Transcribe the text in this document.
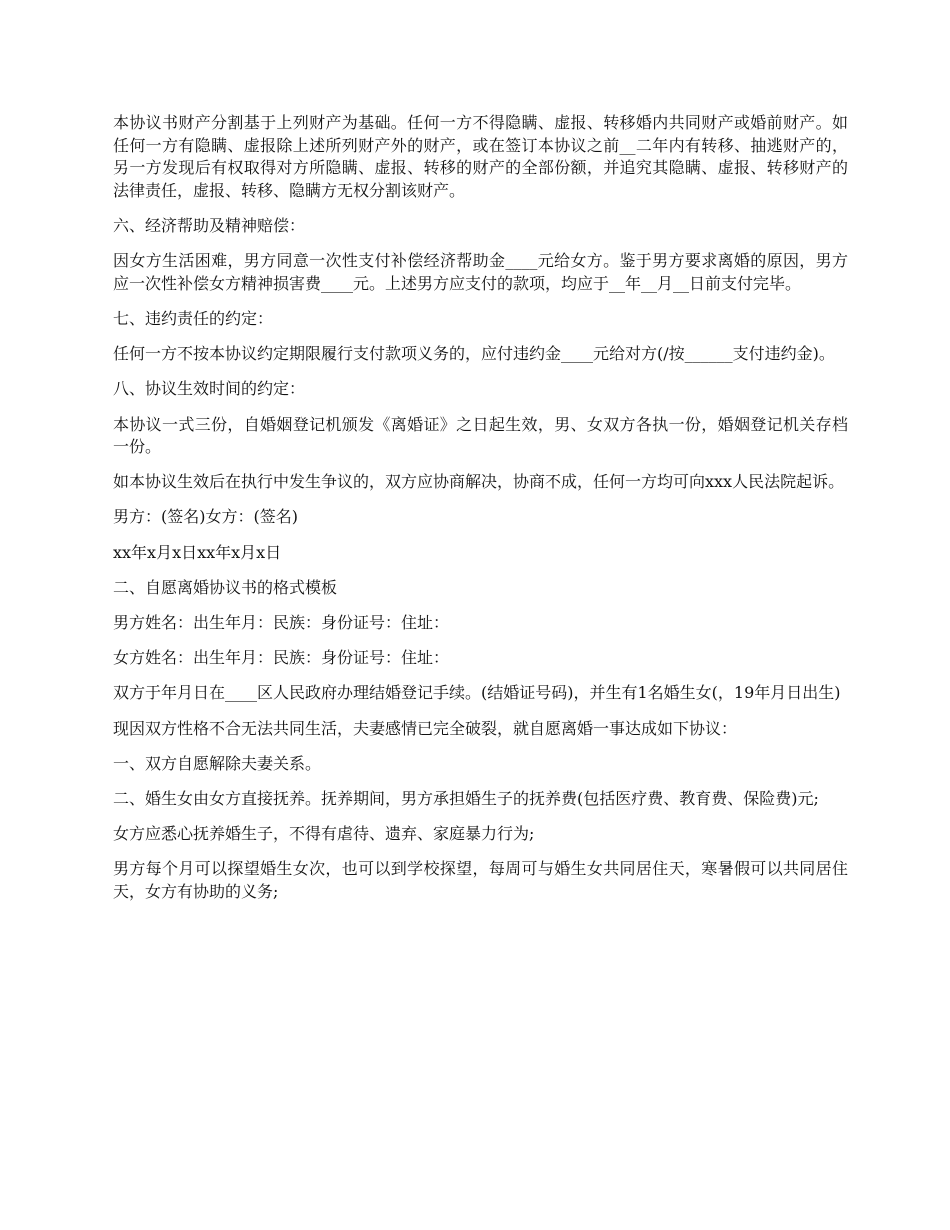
本协议书财产分割基于上列财产为基础。任何一方不得隐瞒、虚报、转移婚内共同财产或婚前财产。如任何一方有隐瞒、虚报除上述所列财产外的财产，或在签订本协议之前__二年内有转移、抽逃财产的，另一方发现后有权取得对方所隐瞒、虚报、转移的财产的全部份额，并追究其隐瞒、虚报、转移财产的法律责任，虚报、转移、隐瞒方无权分割该财产。

六、经济帮助及精神赔偿：

因女方生活困难，男方同意一次性支付补偿经济帮助金____元给女方。鉴于男方要求离婚的原因，男方应一次性补偿女方精神损害费____元。上述男方应支付的款项，均应于__年__月__日前支付完毕。

七、违约责任的约定：

任何一方不按本协议约定期限履行支付款项义务的，应付违约金____元给对方(/按______支付违约金)。

八、协议生效时间的约定：

本协议一式三份，自婚姻登记机颁发《离婚证》之日起生效，男、女双方各执一份，婚姻登记机关存档一份。

如本协议生效后在执行中发生争议的，双方应协商解决，协商不成，任何一方均可向xxx人民法院起诉。

男方：(签名)女方：(签名)

xx年x月x日xx年x月x日

二、自愿离婚协议书的格式模板

男方姓名：出生年月：民族：身份证号：住址：

女方姓名：出生年月：民族：身份证号：住址：

双方于年月日在____区人民政府办理结婚登记手续。(结婚证号码)，并生有1名婚生女(，19年月日出生)

现因双方性格不合无法共同生活，夫妻感情已完全破裂，就自愿离婚一事达成如下协议：

一、双方自愿解除夫妻关系。

二、婚生女由女方直接抚养。抚养期间，男方承担婚生子的抚养费(包括医疗费、教育费、保险费)元;

女方应悉心抚养婚生子，不得有虐待、遗弃、家庭暴力行为;

男方每个月可以探望婚生女次，也可以到学校探望，每周可与婚生女共同居住天，寒暑假可以共同居住天，女方有协助的义务;
